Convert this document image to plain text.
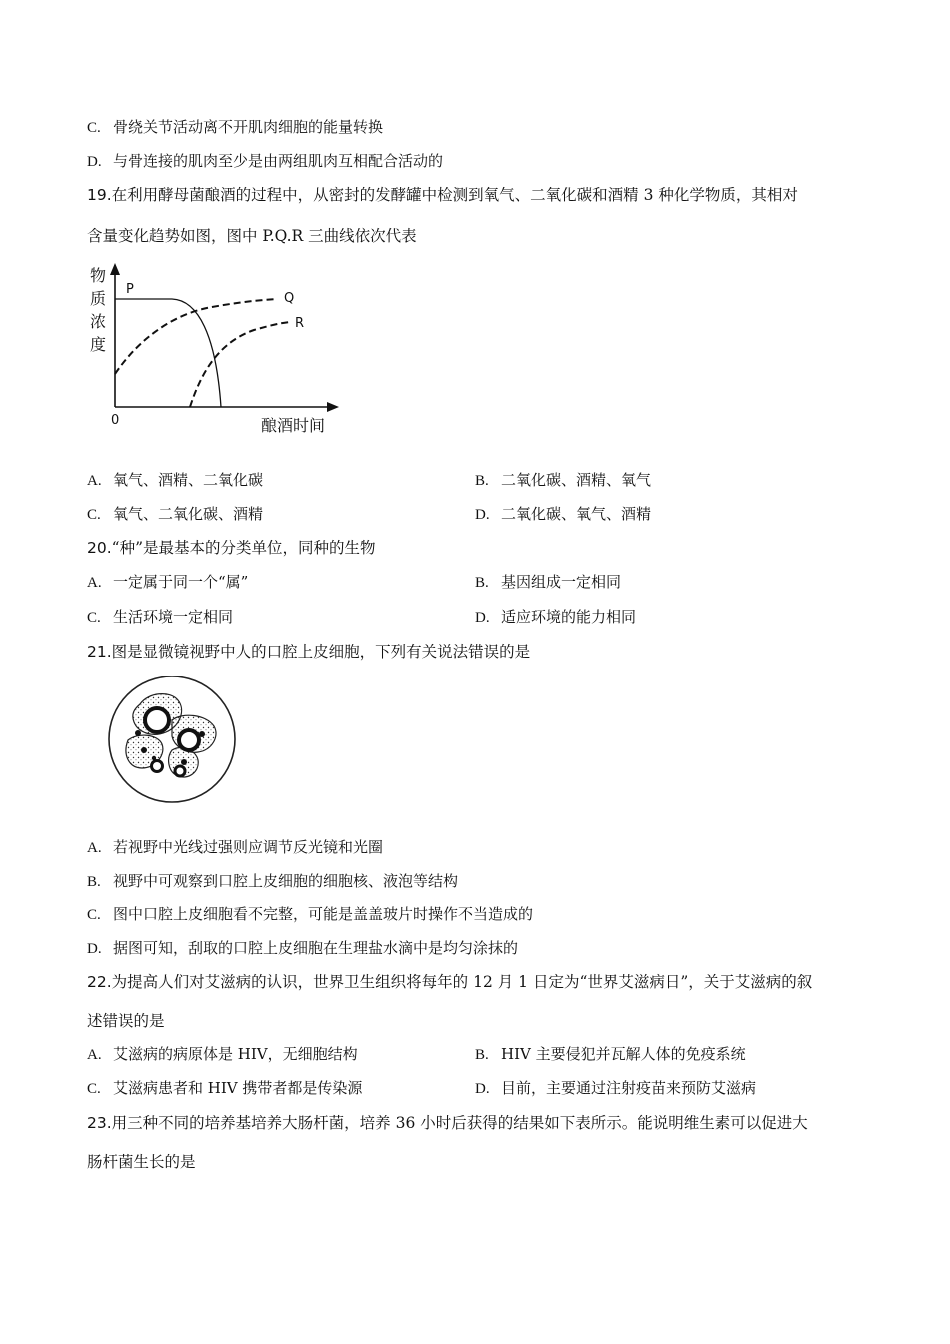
C. 骨绕关节活动离不开肌肉细胞的能量转换
D. 与骨连接的肌肉至少是由两组肌肉互相配合活动的
19.在利用酵母菌酿酒的过程中，从密封的发酵罐中检测到氧气、二氧化碳和酒精 3 种化学物质，其相对
含量变化趋势如图，图中 P.Q.R 三曲线依次代表
物
质
浓
度
0	酿酒时间
P
Q
R
A. 氧气、酒精、二氧化碳	B. 二氧化碳、酒精、氧气
C. 氧气、二氧化碳、酒精	D. 二氧化碳、氧气、酒精
20.“种”是最基本的分类单位，同种的生物
A. 一定属于同一个“属”	B. 基因组成一定相同
C. 生活环境一定相同	D. 适应环境的能力相同
21.图是显微镜视野中人的口腔上皮细胞，下列有关说法错误的是
A. 若视野中光线过强则应调节反光镜和光圈
B. 视野中可观察到口腔上皮细胞的细胞核、液泡等结构
C. 图中口腔上皮细胞看不完整，可能是盖盖玻片时操作不当造成的
D. 据图可知，刮取的口腔上皮细胞在生理盐水滴中是均匀涂抹的
22.为提高人们对艾滋病的认识，世界卫生组织将每年的 12 月 1 日定为“世界艾滋病日”，关于艾滋病的叙
述错误的是
A. 艾滋病的病原体是 HIV，无细胞结构	B. HIV 主要侵犯并瓦解人体的免疫系统
C. 艾滋病患者和 HIV 携带者都是传染源	D. 目前，主要通过注射疫苗来预防艾滋病
23.用三种不同的培养基培养大肠杆菌，培养 36 小时后获得的结果如下表所示。能说明维生素可以促进大
肠杆菌生长的是
